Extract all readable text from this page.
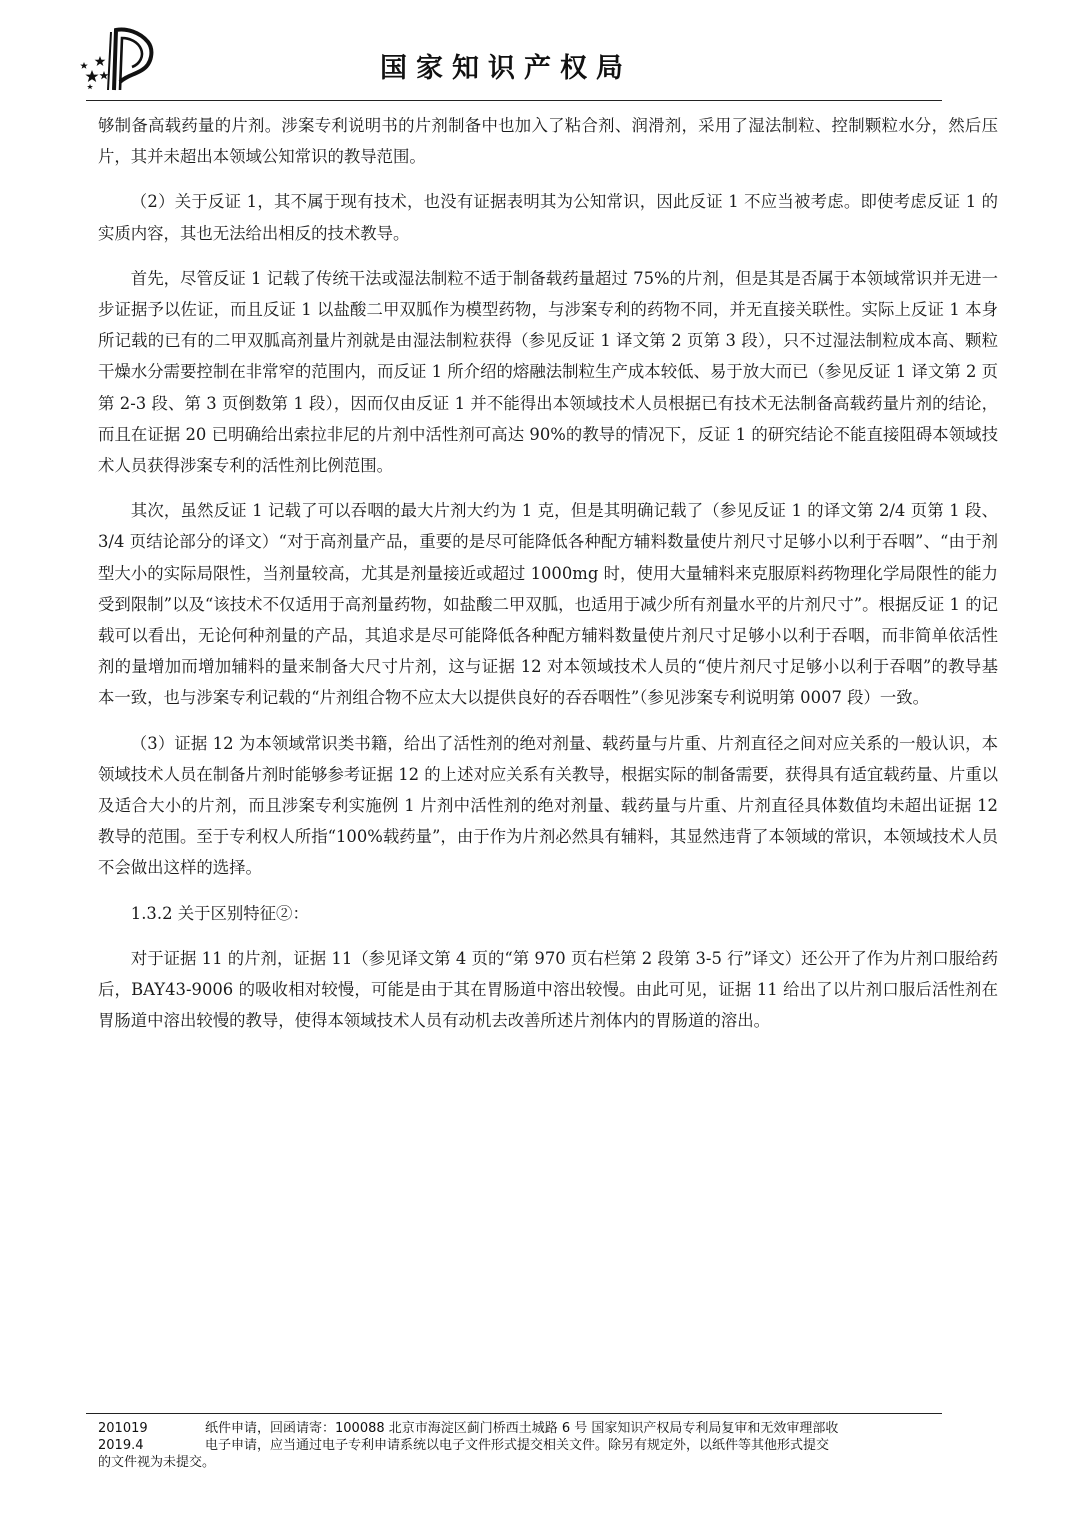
国家知识产权局

够制备高载药量的片剂。涉案专利说明书的片剂制备中也加入了粘合剂、润滑剂，采用了湿法制粒、控制颗粒水分，然后压片，其并未超出本领域公知常识的教导范围。

（2）关于反证 1，其不属于现有技术，也没有证据表明其为公知常识，因此反证 1 不应当被考虑。即使考虑反证 1 的实质内容，其也无法给出相反的技术教导。

首先，尽管反证 1 记载了传统干法或湿法制粒不适于制备载药量超过 75%的片剂，但是其是否属于本领域常识并无进一步证据予以佐证，而且反证 1 以盐酸二甲双胍作为模型药物，与涉案专利的药物不同，并无直接关联性。实际上反证 1 本身所记载的已有的二甲双胍高剂量片剂就是由湿法制粒获得（参见反证 1 译文第 2 页第 3 段），只不过湿法制粒成本高、颗粒干燥水分需要控制在非常窄的范围内，而反证 1 所介绍的熔融法制粒生产成本较低、易于放大而已（参见反证 1 译文第 2 页第 2-3 段、第 3 页倒数第 1 段），因而仅由反证 1 并不能得出本领域技术人员根据已有技术无法制备高载药量片剂的结论，而且在证据 20 已明确给出索拉非尼的片剂中活性剂可高达 90%的教导的情况下，反证 1 的研究结论不能直接阻碍本领域技术人员获得涉案专利的活性剂比例范围。

其次，虽然反证 1 记载了可以吞咽的最大片剂大约为 1 克，但是其明确记载了（参见反证 1 的译文第 2/4 页第 1 段、3/4 页结论部分的译文）“对于高剂量产品，重要的是尽可能降低各种配方辅料数量使片剂尺寸足够小以利于吞咽”、“由于剂型大小的实际局限性，当剂量较高，尤其是剂量接近或超过 1000mg 时，使用大量辅料来克服原料药物理化学局限性的能力受到限制”以及“该技术不仅适用于高剂量药物，如盐酸二甲双胍，也适用于减少所有剂量水平的片剂尺寸”。根据反证 1 的记载可以看出，无论何种剂量的产品，其追求是尽可能降低各种配方辅料数量使片剂尺寸足够小以利于吞咽，而非简单依活性剂的量增加而增加辅料的量来制备大尺寸片剂，这与证据 12 对本领域技术人员的“使片剂尺寸足够小以利于吞咽”的教导基本一致，也与涉案专利记载的“片剂组合物不应太大以提供良好的吞吞咽性”（参见涉案专利说明第 0007 段）一致。

（3）证据 12 为本领域常识类书籍，给出了活性剂的绝对剂量、载药量与片重、片剂直径之间对应关系的一般认识，本领域技术人员在制备片剂时能够参考证据 12 的上述对应关系有关教导，根据实际的制备需要，获得具有适宜载药量、片重以及适合大小的片剂，而且涉案专利实施例 1 片剂中活性剂的绝对剂量、载药量与片重、片剂直径具体数值均未超出证据 12 教导的范围。至于专利权人所指“100%载药量”，由于作为片剂必然具有辅料，其显然违背了本领域的常识，本领域技术人员不会做出这样的选择。

1.3.2 关于区别特征②：

对于证据 11 的片剂，证据 11（参见译文第 4 页的“第 970 页右栏第 2 段第 3-5 行”译文）还公开了作为片剂口服给药后，BAY43-9006 的吸收相对较慢，可能是由于其在胃肠道中溶出较慢。由此可见，证据 11 给出了以片剂口服后活性剂在胃肠道中溶出较慢的教导，使得本领域技术人员有动机去改善所述片剂体内的胃肠道的溶出。

201019	纸件申请，回函请寄：100088 北京市海淀区蓟门桥西土城路 6 号 国家知识产权局专利局复审和无效审理部收
2019.4	电子申请，应当通过电子专利申请系统以电子文件形式提交相关文件。除另有规定外，以纸件等其他形式提交
的文件视为未提交。
